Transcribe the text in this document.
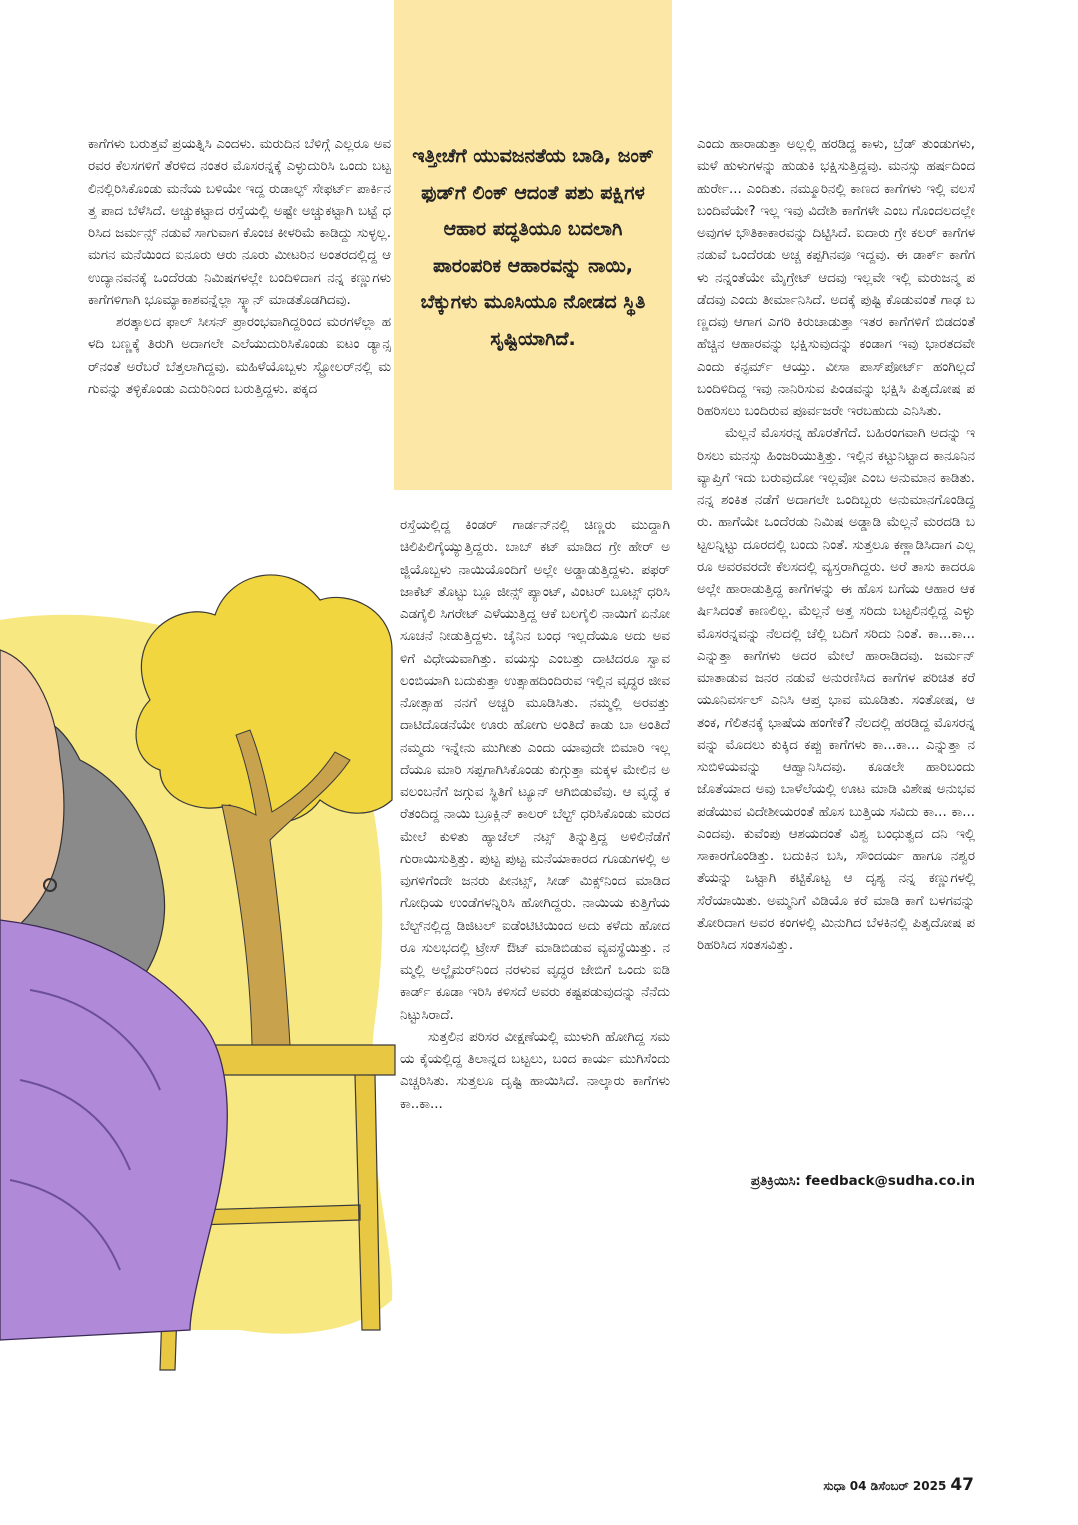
ಇತ್ತೀಚೆಗೆ ಯುವಜನತೆಯ ಬಾಡಿ, ಜಂಕ್ ಫುಡ್‌ಗೆ ಲಿಂಕ್ ಆದಂತೆ ಪಶು ಪಕ್ಷಿಗಳ ಆಹಾರ ಪದ್ಧತಿಯೂ ಬದಲಾಗಿ ಪಾರಂಪರಿಕ ಆಹಾರವನ್ನು ನಾಯಿ, ಬೆಕ್ಕುಗಳು ಮೂಸಿಯೂ ನೋಡದ ಸ್ಥಿತಿ ಸೃಷ್ಟಿಯಾಗಿದೆ.

ಕಾಗೆಗಳು ಬರುತ್ತವೆ ಪ್ರಯತ್ನಿಸಿ ಎಂದಳು. ಮರುದಿನ ಬೆಳಿಗ್ಗೆ ಎಲ್ಲರೂ ಅವರವರ ಕೆಲಸಗಳಿಗೆ ತೆರಳಿದ ನಂತರ ಮೊಸರನ್ನಕ್ಕೆ ಎಳ್ಳುದುರಿಸಿ ಒಂದು ಬಟ್ಟಲಿನಲ್ಲಿರಿಸಿಕೊಂಡು ಮನೆಯ ಬಳಿಯೇ ಇದ್ದ ರುಡಾಲ್ಫ್ ಸೇಫರ್ಟ್ ಪಾರ್ಕಿನತ್ತ ಪಾದ ಬೆಳೆಸಿದೆ. ಅಚ್ಚುಕಟ್ಟಾದ ರಸ್ತೆಯಲ್ಲಿ ಅಷ್ಟೇ ಅಚ್ಚುಕಟ್ಟಾಗಿ ಬಟ್ಟೆ ಧರಿಸಿದ ಜರ್ಮನ್ಸ್ ನಡುವೆ ಸಾಗುವಾಗ ಕೊಂಚ ಕೀಳರಿಮೆ ಕಾಡಿದ್ದು ಸುಳ್ಳಲ್ಲ. ಮಗನ ಮನೆಯಿಂದ ಐನೂರು ಆರು ನೂರು ಮೀಟರಿನ ಅಂತರದಲ್ಲಿದ್ದ ಆ ಉದ್ಯಾನವನಕ್ಕೆ ಒಂದೆರಡು ನಿಮಿಷಗಳಲ್ಲೇ ಬಂದಿಳಿದಾಗ ನನ್ನ ಕಣ್ಣುಗಳು ಕಾಗೆಗಳಿಗಾಗಿ ಭೂಮ್ಯಾಕಾಶವನ್ನೆಲ್ಲಾ ಸ್ಕ್ಯಾನ್ ಮಾಡತೊಡಗಿದವು.

ಶರತ್ಕಾಲದ ಫಾಲ್ ಸೀಸನ್ ಪ್ರಾರಂಭವಾಗಿದ್ದರಿಂದ ಮರಗಳೆಲ್ಲಾ ಹಳದಿ ಬಣ್ಣಕ್ಕೆ ತಿರುಗಿ ಅದಾಗಲೇ ಎಲೆಯುದುರಿಸಿಕೊಂಡು ಐಟಂ ಡ್ಯಾನ್ಸರ್‌ನಂತೆ ಅರೆಬರೆ ಬೆತ್ತಲಾಗಿದ್ದವು. ಮಹಿಳೆಯೊಬ್ಬಳು ಸ್ಟ್ರೋಲರ್‌ನಲ್ಲಿ ಮಗುವನ್ನು ತಳ್ಳಿಕೊಂಡು ಎದುರಿನಿಂದ ಬರುತ್ತಿದ್ದಳು. ಪಕ್ಕದ

ರಸ್ತೆಯಲ್ಲಿದ್ದ ಕಿಂಡರ್ ಗಾರ್ಡನ್‌ನಲ್ಲಿ ಚಿಣ್ಣರು ಮುದ್ದಾಗಿ ಚಿಲಿಪಿಲಿಗೈಯ್ಯುತ್ತಿದ್ದರು. ಬಾಬ್ ಕಟ್ ಮಾಡಿದ ಗ್ರೇ ಹೇರ್ ಅಜ್ಜಿಯೊಬ್ಬಳು ನಾಯಿಯೊಂದಿಗೆ ಅಲ್ಲೇ ಅಡ್ಡಾಡುತ್ತಿದ್ದಳು. ಪಫರ್ ಜಾಕೆಟ್ ತೊಟ್ಟು ಬ್ಲೂ ಜೀನ್ಸ್ ಪ್ಯಾಂಟ್, ವಿಂಟರ್ ಬೂಟ್ಸ್ ಧರಿಸಿ ಎಡಗೈಲಿ ಸಿಗರೇಟ್ ಎಳೆಯುತ್ತಿದ್ದ ಆಕೆ ಬಲಗೈಲಿ ನಾಯಿಗೆ ಏನೋ ಸೂಚನೆ ನೀಡುತ್ತಿದ್ದಳು. ಚೈನಿನ ಬಂಧ ಇಲ್ಲದೆಯೂ ಅದು ಅವಳಿಗೆ ವಿಧೇಯವಾಗಿತ್ತು. ವಯಸ್ಸು ಎಂಬತ್ತು ದಾಟಿದರೂ ಸ್ವಾವಲಂಬಿಯಾಗಿ ಬದುಕುತ್ತಾ ಉತ್ಸಾಹದಿಂದಿರುವ ಇಲ್ಲಿನ ವೃದ್ಧರ ಜೀವನೋತ್ಸಾಹ ನನಗೆ ಅಚ್ಚರಿ ಮೂಡಿಸಿತು. ನಮ್ಮಲ್ಲಿ ಅರವತ್ತು ದಾಟಿದೊಡನೆಯೇ ಊರು ಹೋಗು ಅಂತಿದೆ ಕಾಡು ಬಾ ಅಂತಿದೆ ನಮ್ಮದು ಇನ್ನೇನು ಮುಗೀತು ಎಂದು ಯಾವುದೇ ಬಿಮಾರಿ ಇಲ್ಲದೆಯೂ ಮಾರಿ ಸಪ್ಪಗಾಗಿಸಿಕೊಂಡು ಕುಗ್ಗುತ್ತಾ ಮಕ್ಕಳ ಮೇಲಿನ ಅವಲಂಬನೆಗೆ ಜಗ್ಗುವ ಸ್ಥಿತಿಗೆ ಟ್ಯೂನ್ ಆಗಿಬಿಡುವೆವು. ಆ ವೃದ್ಧೆ ಕರೆತಂದಿದ್ದ ನಾಯಿ ಬ್ರೂಕ್ಲಿನ್ ಕಾಲರ್ ಬೆಲ್ಟ್ ಧರಿಸಿಕೊಂಡು ಮರದ ಮೇಲೆ ಕುಳಿತು ಹ್ಯಾಜೆಲ್ ನಟ್ಸ್ ತಿನ್ನುತ್ತಿದ್ದ ಅಳಿಲಿನೆಡೆಗೆ ಗುರಾಯಿಸುತ್ತಿತ್ತು. ಪುಟ್ಟ ಪುಟ್ಟ ಮನೆಯಾಕಾರದ ಗೂಡುಗಳಲ್ಲಿ ಅವುಗಳಿಗೆಂದೇ ಜನರು ಪೀನಟ್ಸ್, ಸೀಡ್ ಮಿಕ್ಸ್‌ನಿಂದ ಮಾಡಿದ ಗೋಧಿಯ ಉಂಡೆಗಳನ್ನಿರಿಸಿ ಹೋಗಿದ್ದರು. ನಾಯಿಯ ಕುತ್ತಿಗೆಯ ಬೆಲ್ಟ್‌ನಲ್ಲಿದ್ದ ಡಿಜಿಟಲ್ ಐಡೆಂಟಿಟಿಯಿಂದ ಅದು ಕಳೆದು ಹೋದರೂ ಸುಲಭದಲ್ಲಿ ಟ್ರೇಸ್ ಔಟ್ ಮಾಡಿಬಿಡುವ ವ್ಯವಸ್ಥೆಯಿತ್ತು. ನಮ್ಮಲ್ಲಿ ಅಲ್ಜೈಮರ್‌ನಿಂದ ನರಳುವ ವೃದ್ಧರ ಜೇಬಿಗೆ ಒಂದು ಐಡಿ ಕಾರ್ಡ್ ಕೂಡಾ ಇರಿಸಿ ಕಳಿಸದೆ ಅವರು ಕಷ್ಟಪಡುವುದನ್ನು ನೆನೆದು ನಿಟ್ಟುಸಿರಾದೆ.

ಸುತ್ತಲಿನ ಪರಿಸರ ವೀಕ್ಷಣೆಯಲ್ಲಿ ಮುಳುಗಿ ಹೋಗಿದ್ದ ಸಮಯ ಕೈಯಲ್ಲಿದ್ದ ತಿಲಾನ್ನದ ಬಟ್ಟಲು, ಬಂದ ಕಾರ್ಯ ಮುಗಿಸೆಂದು ಎಚ್ಚರಿಸಿತು. ಸುತ್ತಲೂ ದೃಷ್ಟಿ ಹಾಯಿಸಿದೆ. ನಾಲ್ಕಾರು ಕಾಗೆಗಳು ಕಾ..ಕಾ...

ಎಂದು ಹಾರಾಡುತ್ತಾ ಅಲ್ಲಲ್ಲಿ ಹರಡಿದ್ದ ಕಾಳು, ಬ್ರೆಡ್ ತುಂಡುಗಳು, ಮಳೆ ಹುಳುಗಳನ್ನು ಹುಡುಕಿ ಭಕ್ಷಿಸುತ್ತಿದ್ದವು. ಮನಸ್ಸು ಹರ್ಷದಿಂದ ಹುರ್ರೇ... ಎಂದಿತು. ನಮ್ಮೂರಿನಲ್ಲಿ ಕಾಣದ ಕಾಗೆಗಳು ಇಲ್ಲಿ ವಲಸೆ ಬಂದಿವೆಯೇ? ಇಲ್ಲ ಇವು ವಿದೇಶಿ ಕಾಗೆಗಳೇ ಎಂಬ ಗೊಂದಲದಲ್ಲೇ ಅವುಗಳ ಭೌತಿಕಾಕಾರವನ್ನು ದಿಟ್ಟಿಸಿದೆ. ಐದಾರು ಗ್ರೇ ಕಲರ್ ಕಾಗೆಗಳ ನಡುವೆ ಒಂದೆರಡು ಅಚ್ಚ ಕಪ್ಪಗಿನವೂ ಇದ್ದವು. ಈ ಡಾರ್ಕ್ ಕಾಗೆಗಳು ನನ್ನಂತೆಯೇ ಮೈಗ್ರೇಟ್ ಆದವು ಇಲ್ಲವೇ ಇಲ್ಲಿ ಮರುಜನ್ಮ ಪಡೆದವು ಎಂದು ತೀರ್ಮಾನಿಸಿದೆ. ಅದಕ್ಕೆ ಪುಷ್ಟಿ ಕೊಡುವಂತೆ ಗಾಢ ಬಣ್ಣದವು ಆಗಾಗ ಎಗರಿ ಕಿರುಚಾಡುತ್ತಾ ಇತರ ಕಾಗೆಗಳಿಗೆ ಬಿಡದಂತೆ ಹೆಚ್ಚಿನ ಆಹಾರವನ್ನು ಭಕ್ಷಿಸುವುದನ್ನು ಕಂಡಾಗ ಇವು ಭಾರತದವೇ ಎಂದು ಕನ್ಫರ್ಮ್ ಆಯ್ತು. ವೀಸಾ ಪಾಸ್‌ಪೋರ್ಟ್ ಹಂಗಿಲ್ಲದೆ ಬಂದಿಳಿದಿದ್ದ ಇವು ನಾನಿರಿಸುವ ಪಿಂಡವನ್ನು ಭಕ್ಷಿಸಿ ಪಿತೃದೋಷ ಪರಿಹರಿಸಲು ಬಂದಿರುವ ಪೂರ್ವಜರೇ ಇರಬಹುದು ಎನಿಸಿತು.

ಮೆಲ್ಲನೆ ಮೊಸರನ್ನ ಹೊರತೆಗೆದೆ. ಬಹಿರಂಗವಾಗಿ ಅದನ್ನು ಇರಿಸಲು ಮನಸ್ಸು ಹಿಂಜರಿಯುತ್ತಿತ್ತು. ಇಲ್ಲಿನ ಕಟ್ಟುನಿಟ್ಟಾದ ಕಾನೂನಿನ ವ್ಯಾಪ್ತಿಗೆ ಇದು ಬರುವುದೋ ಇಲ್ಲವೋ ಎಂಬ ಅನುಮಾನ ಕಾಡಿತು. ನನ್ನ ಶಂಕಿತ ನಡೆಗೆ ಅದಾಗಲೇ ಒಂದಿಬ್ಬರು ಅನುಮಾನಗೊಂಡಿದ್ದರು. ಹಾಗೆಯೇ ಒಂದೆರಡು ನಿಮಿಷ ಅಡ್ಡಾಡಿ ಮೆಲ್ಲನೆ ಮರದಡಿ ಬಟ್ಟಲನ್ನಿಟ್ಟು ದೂರದಲ್ಲಿ ಬಂದು ನಿಂತೆ. ಸುತ್ತಲೂ ಕಣ್ಣಾಡಿಸಿದಾಗ ಎಲ್ಲರೂ ಅವರವರದೇ ಕೆಲಸದಲ್ಲಿ ವ್ಯಸ್ತರಾಗಿದ್ದರು. ಅರೆ ತಾಸು ಕಾದರೂ ಅಲ್ಲೇ ಹಾರಾಡುತ್ತಿದ್ದ ಕಾಗೆಗಳನ್ನು ಈ ಹೊಸ ಬಗೆಯ ಆಹಾರ ಆಕರ್ಷಿಸಿದಂತೆ ಕಾಣಲಿಲ್ಲ. ಮೆಲ್ಲನೆ ಅತ್ತ ಸರಿದು ಬಟ್ಟಲಿನಲ್ಲಿದ್ದ ಎಳ್ಳು ಮೊಸರನ್ನವನ್ನು ನೆಲದಲ್ಲಿ ಚೆಲ್ಲಿ ಬದಿಗೆ ಸರಿದು ನಿಂತೆ. ಕಾ...ಕಾ... ಎನ್ನುತ್ತಾ ಕಾಗೆಗಳು ಅದರ ಮೇಲೆ ಹಾರಾಡಿದವು. ಜರ್ಮನ್ ಮಾತಾಡುವ ಜನರ ನಡುವೆ ಅನುರಣಿಸಿದ ಕಾಗೆಗಳ ಪರಿಚಿತ ಕರೆ ಯೂನಿವರ್ಸಲ್ ಎನಿಸಿ ಆಪ್ತ ಭಾವ ಮೂಡಿತು. ಸಂತೋಷ, ಆತಂಕ, ಗೆಲಿತನಕ್ಕೆ ಭಾಷೆಯ ಹಂಗೇಕೆ? ನೆಲದಲ್ಲಿ ಹರಡಿದ್ದ ಮೊಸರನ್ನವನ್ನು ಮೊದಲು ಕುಕ್ಕಿದ ಕಪ್ಪು ಕಾಗೆಗಳು ಕಾ...ಕಾ... ಎನ್ನುತ್ತಾ ನಸುಬಿಳಿಯವನ್ನು ಆಹ್ವಾನಿಸಿದವು. ಕೂಡಲೇ ಹಾರಿಬಂದು ಜೊತೆಯಾದ ಅವು ಬಾಳೆಲೆಯಲ್ಲಿ ಊಟ ಮಾಡಿ ವಿಶೇಷ ಅನುಭವ ಪಡೆಯುವ ವಿದೇಶೀಯರಂತೆ ಹೊಸ ಬುತ್ತಿಯ ಸವಿದು ಕಾ... ಕಾ... ಎಂದವು. ಕುವೆಂಪು ಆಶಯದಂತೆ ವಿಶ್ವ ಬಂಧುತ್ವದ ದನಿ ಇಲ್ಲಿ ಸಾಕಾರಗೊಂಡಿತ್ತು. ಬದುಕಿನ ಬಸಿ, ಸೌಂದರ್ಯ ಹಾಗೂ ನಶ್ವರತೆಯನ್ನು ಒಟ್ಟಾಗಿ ಕಟ್ಟಿಕೊಟ್ಟ ಆ ದೃಶ್ಯ ನನ್ನ ಕಣ್ಣುಗಳಲ್ಲಿ ಸೆರೆಯಾಯಿತು. ಅಮ್ಮನಿಗೆ ವಿಡಿಯೊ ಕರೆ ಮಾಡಿ ಕಾಗೆ ಬಳಗವನ್ನು ತೋರಿದಾಗ ಅವರ ಕಂಗಳಲ್ಲಿ ಮಿನುಗಿದ ಬೆಳಕಿನಲ್ಲಿ ಪಿತೃದೋಷ ಪರಿಹರಿಸಿದ ಸಂತಸವಿತ್ತು.

ಪ್ರತಿಕ್ರಿಯಿಸಿ: feedback@sudha.co.in
ಸುಧಾ 04 ಡಿಸೆಂಬರ್ 2025 47
